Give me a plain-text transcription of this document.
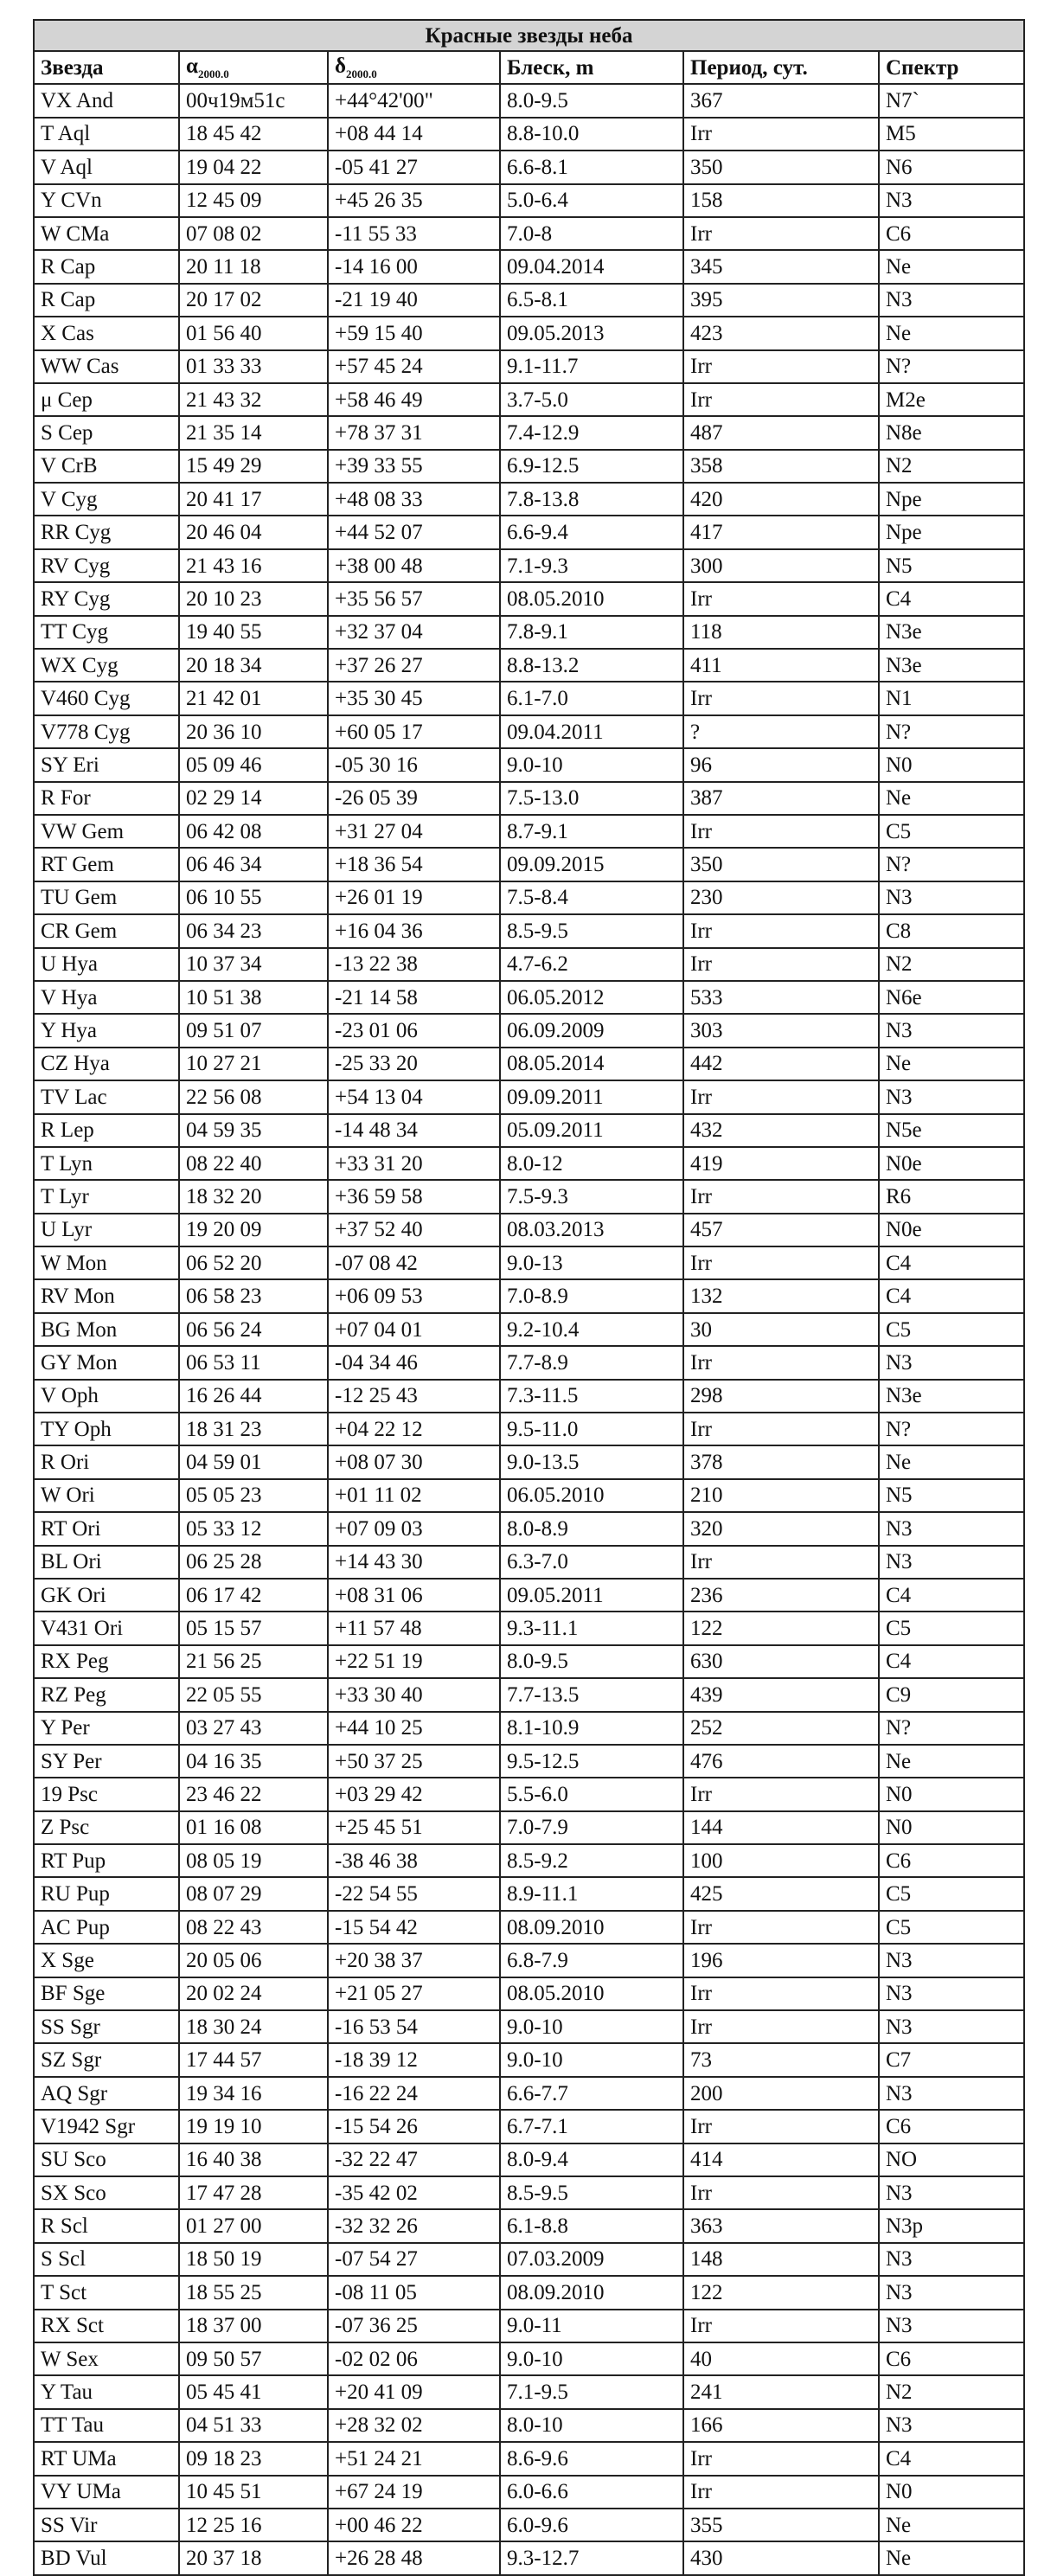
Красные звезды неба					
Звезда	$\alpha_{2000.0}$	$\delta_{2000.0}$	Блеск, m	Период, сут.	Спектр
VX And	00ч19м51с	+44°42'00"	8.0-9.5	367	N7`
T Aql	18 45 42	+08 44 14	8.8-10.0	Irr	M5
V Aql	19 04 22	-05 41 27	6.6-8.1	350	N6
Y CVn	12 45 09	+45 26 35	5.0-6.4	158	N3
W CMa	07 08 02	-11 55 33	7.0-8	Irr	C6
R Cap	20 11 18	-14 16 00	09.04.2014	345	Ne
R Cap	20 17 02	-21 19 40	6.5-8.1	395	N3
X Cas	01 56 40	+59 15 40	09.05.2013	423	Ne
WW Cas	01 33 33	+57 45 24	9.1-11.7	Irr	N?
μ Cep	21 43 32	+58 46 49	3.7-5.0	Irr	M2e
S Cep	21 35 14	+78 37 31	7.4-12.9	487	N8e
V CrB	15 49 29	+39 33 55	6.9-12.5	358	N2
V Cyg	20 41 17	+48 08 33	7.8-13.8	420	Npe
RR Cyg	20 46 04	+44 52 07	6.6-9.4	417	Npe
RV Cyg	21 43 16	+38 00 48	7.1-9.3	300	N5
RY Cyg	20 10 23	+35 56 57	08.05.2010	Irr	C4
TT Cyg	19 40 55	+32 37 04	7.8-9.1	118	N3e
WX Cyg	20 18 34	+37 26 27	8.8-13.2	411	N3e
V460 Cyg	21 42 01	+35 30 45	6.1-7.0	Irr	N1
V778 Cyg	20 36 10	+60 05 17	09.04.2011	?	N?
SY Eri	05 09 46	-05 30 16	9.0-10	96	N0
R For	02 29 14	-26 05 39	7.5-13.0	387	Ne
VW Gem	06 42 08	+31 27 04	8.7-9.1	Irr	C5
RT Gem	06 46 34	+18 36 54	09.09.2015	350	N?
TU Gem	06 10 55	+26 01 19	7.5-8.4	230	N3
CR Gem	06 34 23	+16 04 36	8.5-9.5	Irr	C8
U Hya	10 37 34	-13 22 38	4.7-6.2	Irr	N2
V Hya	10 51 38	-21 14 58	06.05.2012	533	N6e
Y Hya	09 51 07	-23 01 06	06.09.2009	303	N3
CZ Hya	10 27 21	-25 33 20	08.05.2014	442	Ne
TV Lac	22 56 08	+54 13 04	09.09.2011	Irr	N3
R Lep	04 59 35	-14 48 34	05.09.2011	432	N5e
T Lyn	08 22 40	+33 31 20	8.0-12	419	N0e
T Lyr	18 32 20	+36 59 58	7.5-9.3	Irr	R6
U Lyr	19 20 09	+37 52 40	08.03.2013	457	N0e
W Mon	06 52 20	-07 08 42	9.0-13	Irr	C4
RV Mon	06 58 23	+06 09 53	7.0-8.9	132	C4
BG Mon	06 56 24	+07 04 01	9.2-10.4	30	C5
GY Mon	06 53 11	-04 34 46	7.7-8.9	Irr	N3
V Oph	16 26 44	-12 25 43	7.3-11.5	298	N3e
TY Oph	18 31 23	+04 22 12	9.5-11.0	Irr	N?
R Ori	04 59 01	+08 07 30	9.0-13.5	378	Ne
W Ori	05 05 23	+01 11 02	06.05.2010	210	N5
RT Ori	05 33 12	+07 09 03	8.0-8.9	320	N3
BL Ori	06 25 28	+14 43 30	6.3-7.0	Irr	N3
GK Ori	06 17 42	+08 31 06	09.05.2011	236	C4
V431 Ori	05 15 57	+11 57 48	9.3-11.1	122	C5
RX Peg	21 56 25	+22 51 19	8.0-9.5	630	C4
RZ Peg	22 05 55	+33 30 40	7.7-13.5	439	C9
Y Per	03 27 43	+44 10 25	8.1-10.9	252	N?
SY Per	04 16 35	+50 37 25	9.5-12.5	476	Ne
19 Psc	23 46 22	+03 29 42	5.5-6.0	Irr	N0
Z Psc	01 16 08	+25 45 51	7.0-7.9	144	N0
RT Pup	08 05 19	-38 46 38	8.5-9.2	100	C6
RU Pup	08 07 29	-22 54 55	8.9-11.1	425	C5
AC Pup	08 22 43	-15 54 42	08.09.2010	Irr	C5
X Sge	20 05 06	+20 38 37	6.8-7.9	196	N3
BF Sge	20 02 24	+21 05 27	08.05.2010	Irr	N3
SS Sgr	18 30 24	-16 53 54	9.0-10	Irr	N3
SZ Sgr	17 44 57	-18 39 12	9.0-10	73	C7
AQ Sgr	19 34 16	-16 22 24	6.6-7.7	200	N3
V1942 Sgr	19 19 10	-15 54 26	6.7-7.1	Irr	C6
SU Sco	16 40 38	-32 22 47	8.0-9.4	414	NO
SX Sco	17 47 28	-35 42 02	8.5-9.5	Irr	N3
R Scl	01 27 00	-32 32 26	6.1-8.8	363	N3p
S Scl	18 50 19	-07 54 27	07.03.2009	148	N3
T Sct	18 55 25	-08 11 05	08.09.2010	122	N3
RX Sct	18 37 00	-07 36 25	9.0-11	Irr	N3
W Sex	09 50 57	-02 02 06	9.0-10	40	C6
Y Tau	05 45 41	+20 41 09	7.1-9.5	241	N2
TT Tau	04 51 33	+28 32 02	8.0-10	166	N3
RT UMa	09 18 23	+51 24 21	8.6-9.6	Irr	C4
VY UMa	10 45 51	+67 24 19	6.0-6.6	Irr	N0
SS Vir	12 25 16	+00 46 22	6.0-9.6	355	Ne
BD Vul	20 37 18	+26 28 48	9.3-12.7	430	Ne
